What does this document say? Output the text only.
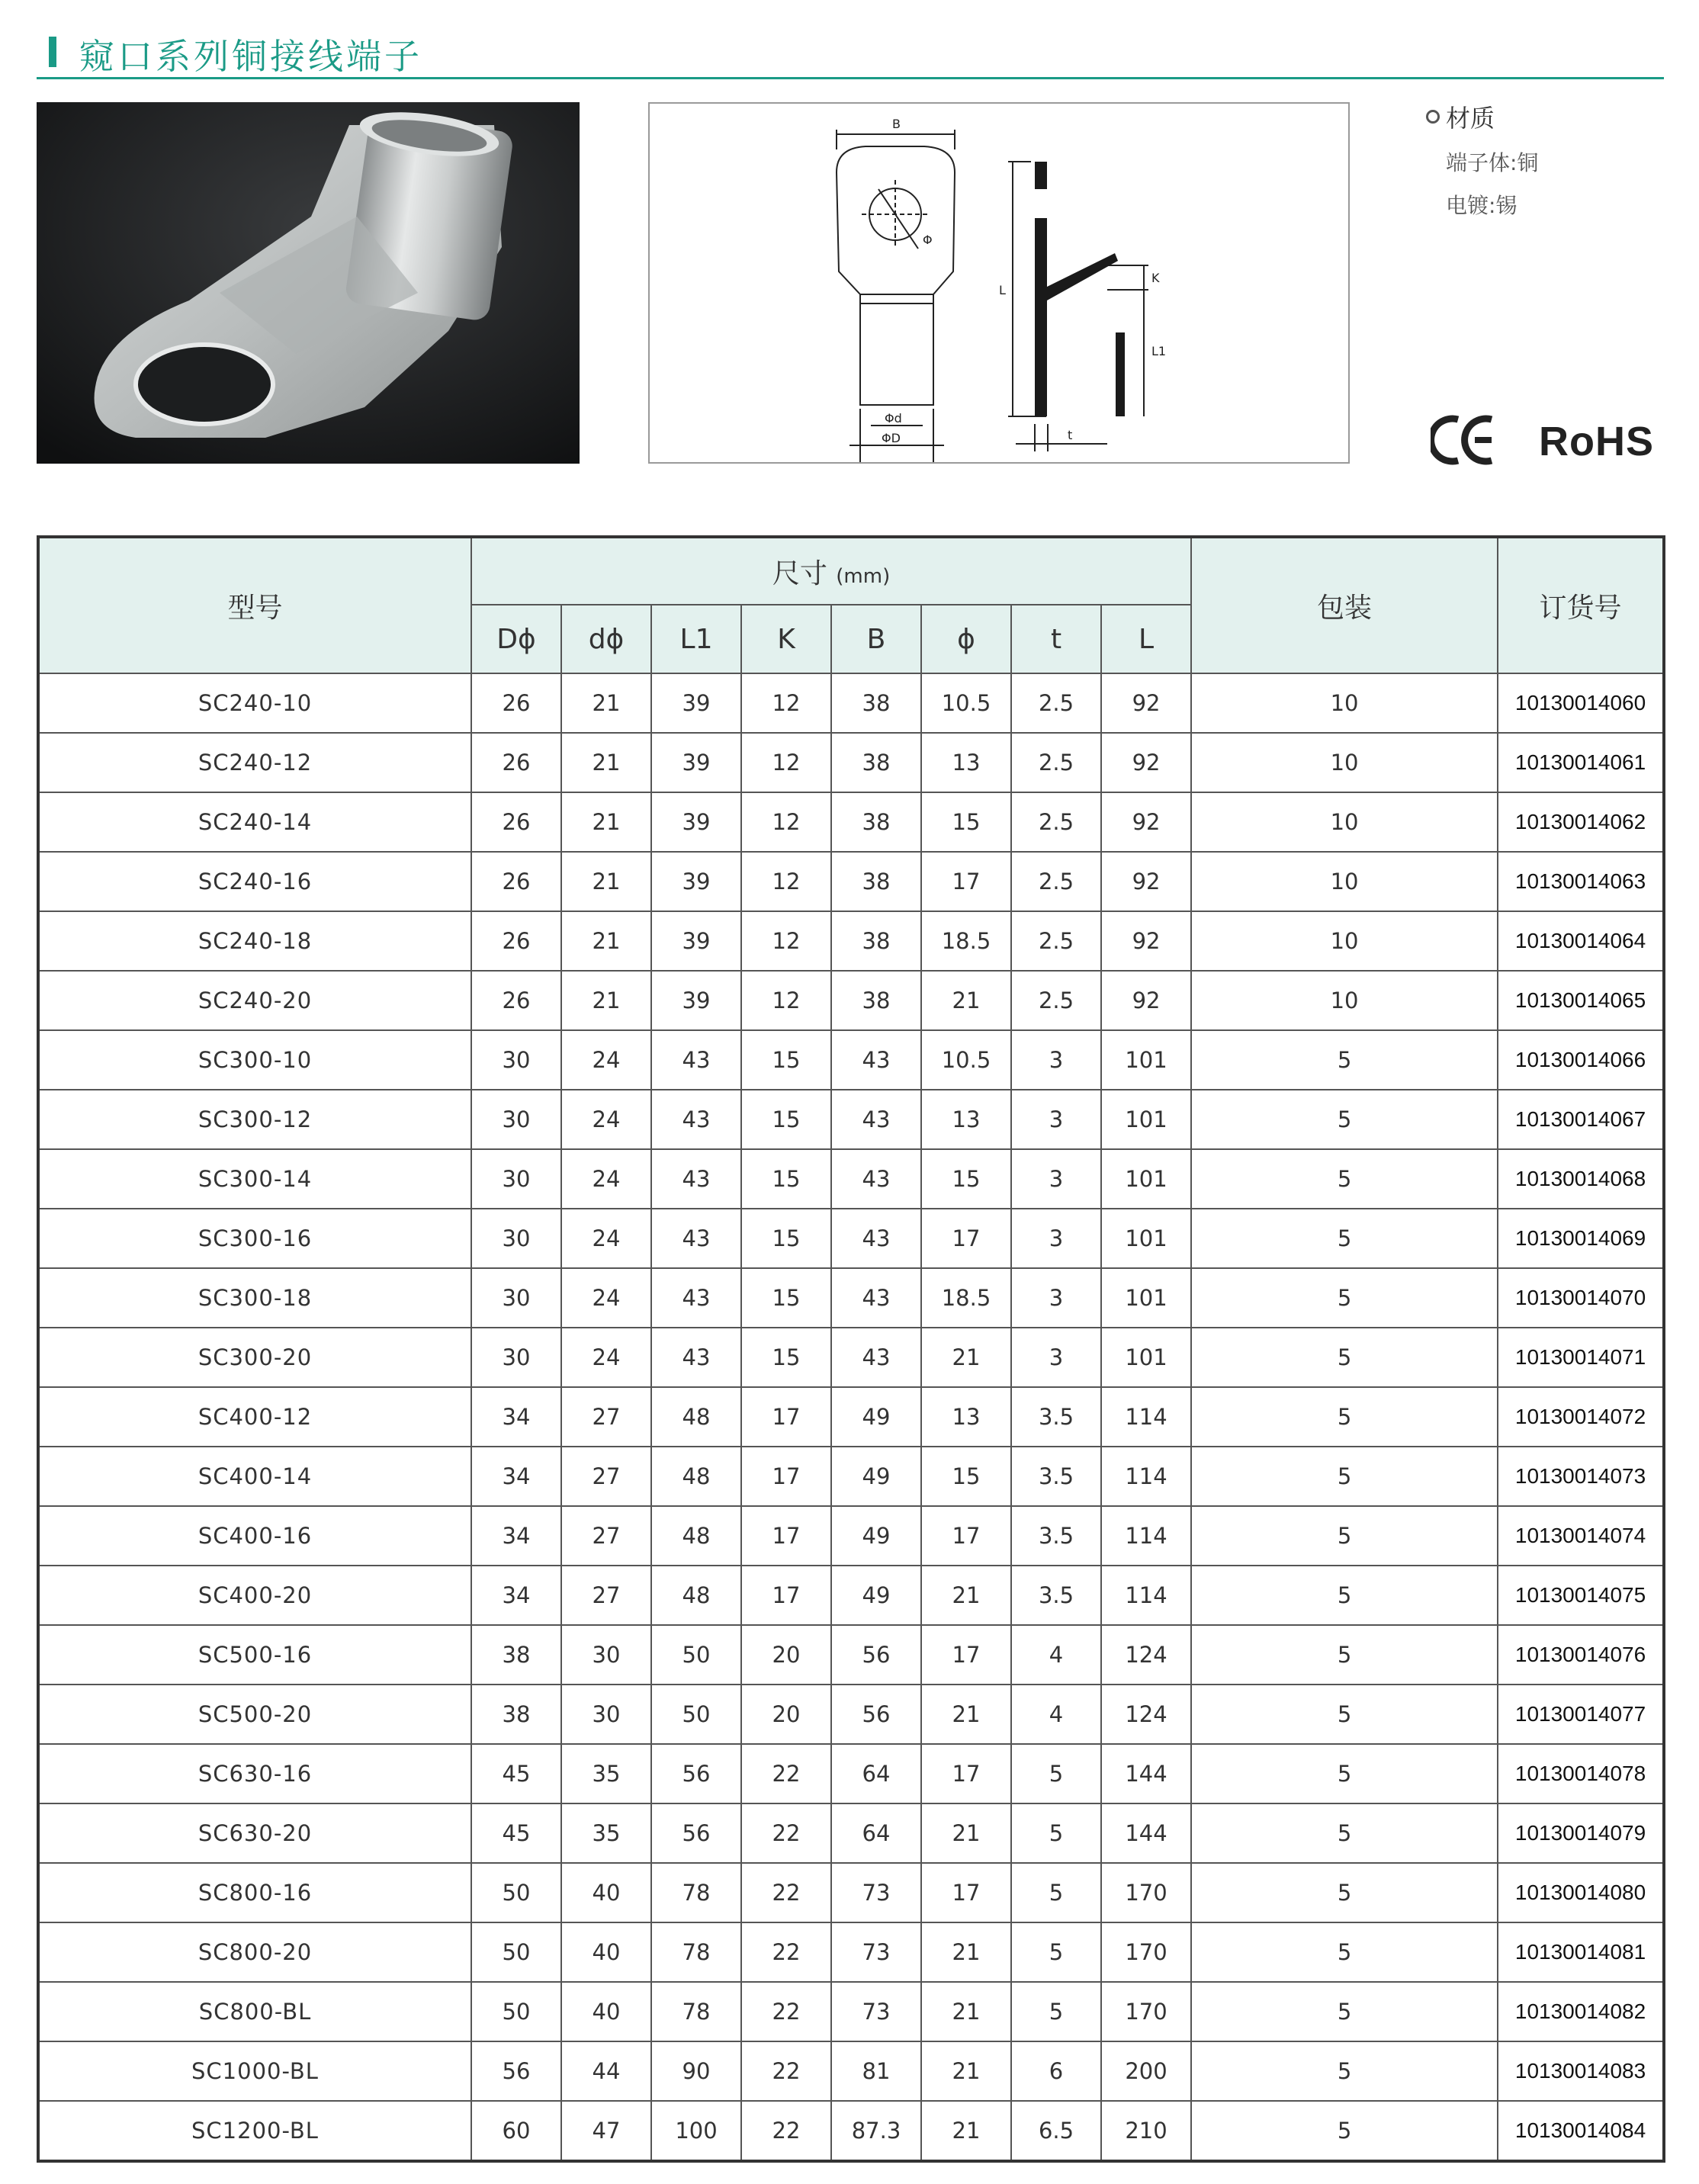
窥口系列铜接线端子
B
Φ
L
K
L1
Φd
ΦD	t
材质
端子体:铜
电镀:锡
RoHS
型号	尺寸 (mm)								包装	订货号
	Dϕ	dϕ	L1	K	B	ϕ	t	L		
SC240-10	26	21	39	12	38	10.5	2.5	92	10	10130014060
SC240-12	26	21	39	12	38	13	2.5	92	10	10130014061
SC240-14	26	21	39	12	38	15	2.5	92	10	10130014062
SC240-16	26	21	39	12	38	17	2.5	92	10	10130014063
SC240-18	26	21	39	12	38	18.5	2.5	92	10	10130014064
SC240-20	26	21	39	12	38	21	2.5	92	10	10130014065
SC300-10	30	24	43	15	43	10.5	3	101	5	10130014066
SC300-12	30	24	43	15	43	13	3	101	5	10130014067
SC300-14	30	24	43	15	43	15	3	101	5	10130014068
SC300-16	30	24	43	15	43	17	3	101	5	10130014069
SC300-18	30	24	43	15	43	18.5	3	101	5	10130014070
SC300-20	30	24	43	15	43	21	3	101	5	10130014071
SC400-12	34	27	48	17	49	13	3.5	114	5	10130014072
SC400-14	34	27	48	17	49	15	3.5	114	5	10130014073
SC400-16	34	27	48	17	49	17	3.5	114	5	10130014074
SC400-20	34	27	48	17	49	21	3.5	114	5	10130014075
SC500-16	38	30	50	20	56	17	4	124	5	10130014076
SC500-20	38	30	50	20	56	21	4	124	5	10130014077
SC630-16	45	35	56	22	64	17	5	144	5	10130014078
SC630-20	45	35	56	22	64	21	5	144	5	10130014079
SC800-16	50	40	78	22	73	17	5	170	5	10130014080
SC800-20	50	40	78	22	73	21	5	170	5	10130014081
SC800-BL	50	40	78	22	73	21	5	170	5	10130014082
SC1000-BL	56	44	90	22	81	21	6	200	5	10130014083
SC1200-BL	60	47	100	22	87.3	21	6.5	210	5	10130014084
